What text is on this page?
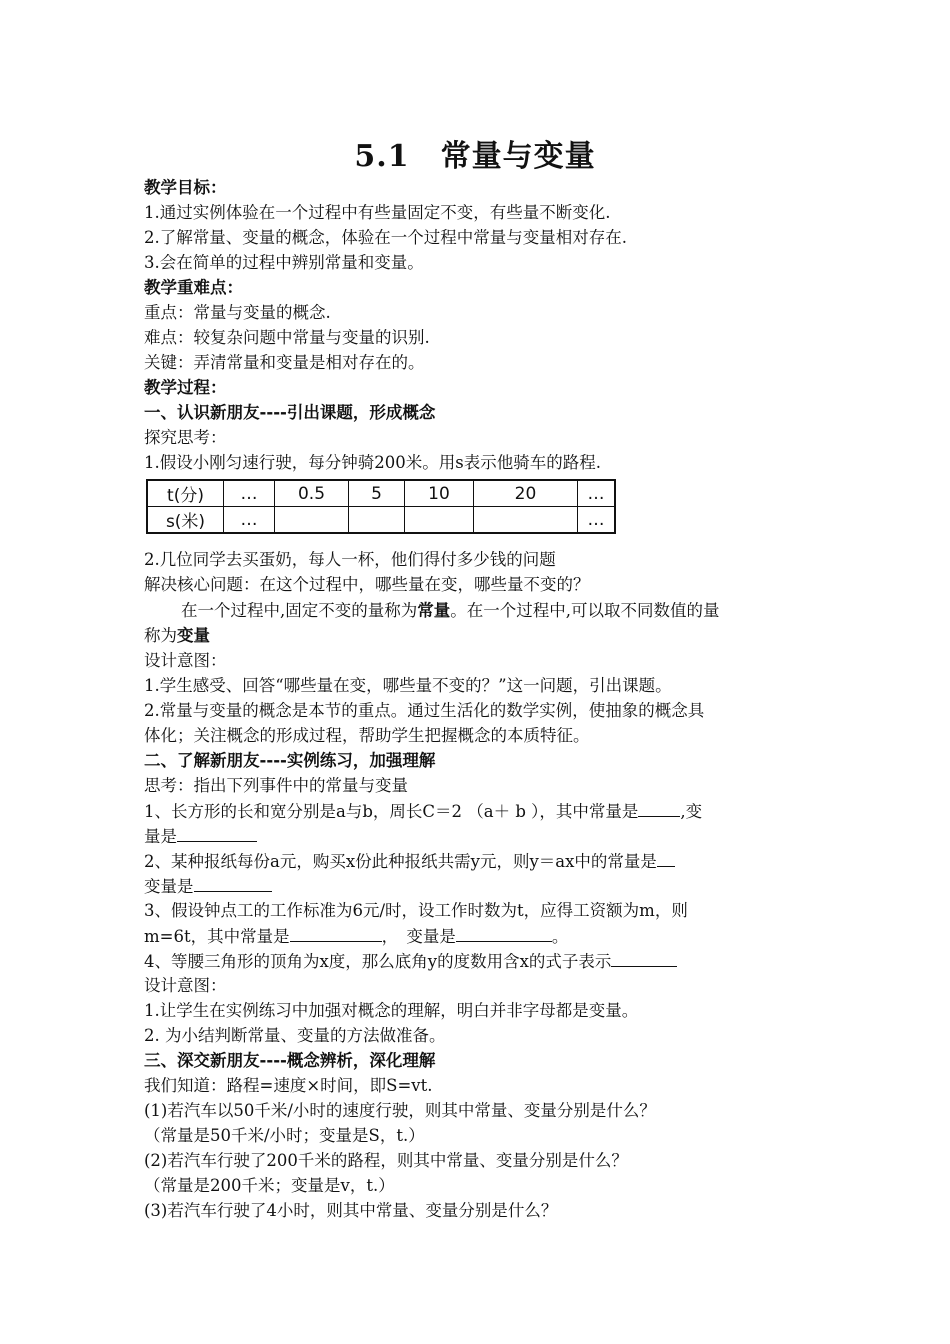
5.1　常量与变量
教学目标：
1.通过实例体验在一个过程中有些量固定不变，有些量不断变化.
2.了解常量、变量的概念，体验在一个过程中常量与变量相对存在.
3.会在简单的过程中辨别常量和变量。
教学重难点：
重点：常量与变量的概念.
难点：较复杂问题中常量与变量的识别.
关键：弄清常量和变量是相对存在的。
教学过程：
一、认识新朋友----引出课题，形成概念
探究思考：
1.假设小刚匀速行驶，每分钟骑200米。用s表示他骑车的路程.
t(分)	…	0.5	5	10	20	…
s(米)	…					…
2.几位同学去买蛋奶，每人一杯，他们得付多少钱的问题
解决核心问题：在这个过程中，哪些量在变，哪些量不变的？
在一个过程中,固定不变的量称为常量。在一个过程中,可以取不同数值的量
称为变量
设计意图：
1.学生感受、回答“哪些量在变，哪些量不变的？”这一问题，引出课题。
2.常量与变量的概念是本节的重点。通过生活化的数学实例，使抽象的概念具
体化；关注概念的形成过程，帮助学生把握概念的本质特征。
二、了解新朋友----实例练习，加强理解
思考：指出下列事件中的常量与变量
1、长方形的长和宽分别是a与b，周长C＝2 （a＋ b ），其中常量是	,变
量是
2、某种报纸每份a元，购买x份此种报纸共需y元，则y＝ax中的常量是
变量是
3、假设钟点工的工作标准为6元/时，设工作时数为t，应得工资额为m，则
m=6t，其中常量是	，　变量是	。
4、等腰三角形的顶角为x度，那么底角y的度数用含x的式子表示
设计意图：
1.让学生在实例练习中加强对概念的理解，明白并非字母都是变量。
2. 为小结判断常量、变量的方法做准备。
三、深交新朋友----概念辨析，深化理解
我们知道：路程=速度×时间，即S=vt.
(1)若汽车以50千米/小时的速度行驶，则其中常量、变量分别是什么？
（常量是50千米/小时；变量是S，t.）
(2)若汽车行驶了200千米的路程，则其中常量、变量分别是什么？
（常量是200千米；变量是v，t.）
(3)若汽车行驶了4小时，则其中常量、变量分别是什么？
